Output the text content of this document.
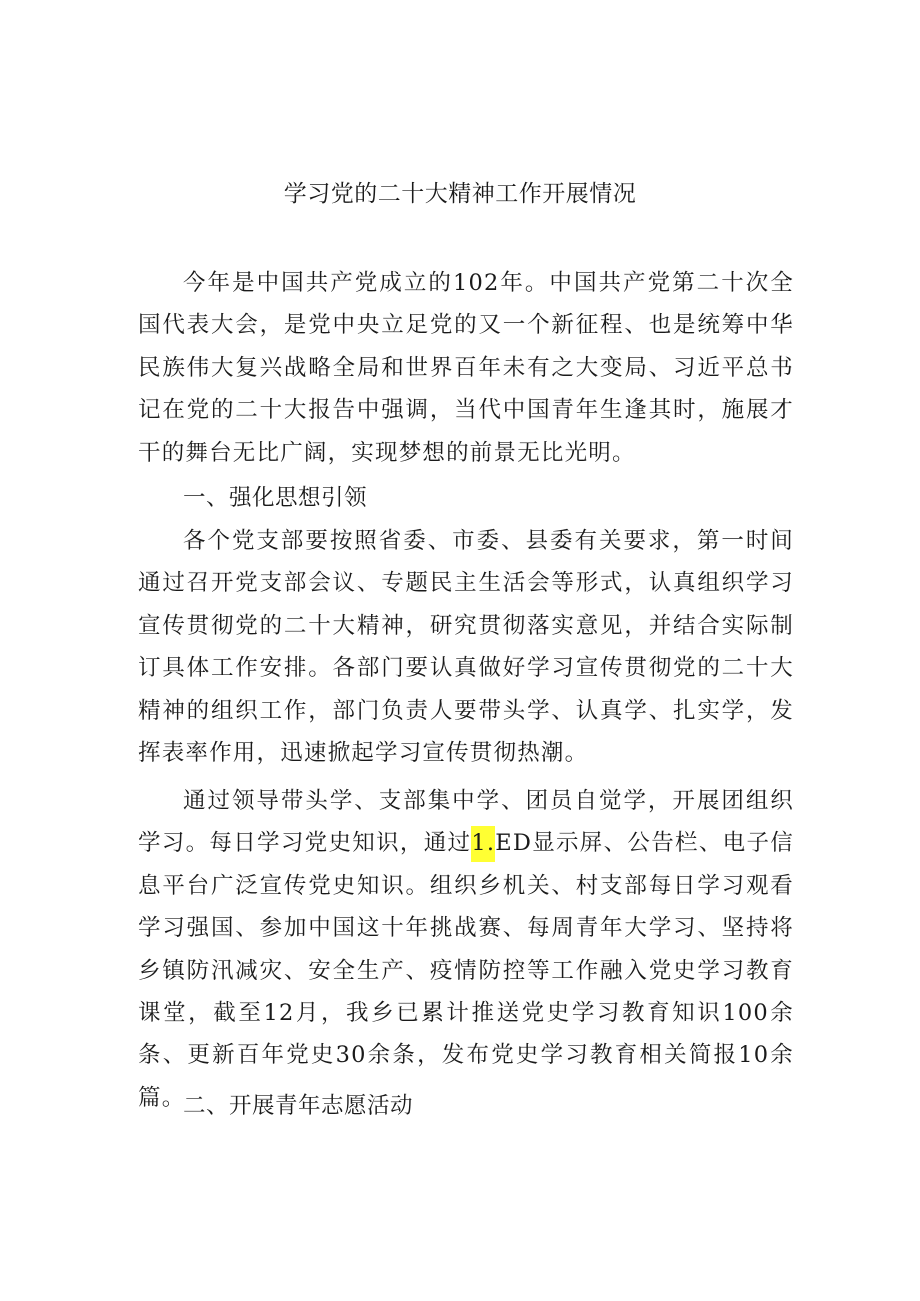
学习党的二十大精神工作开展情况

今年是中国共产党成立的102年。中国共产党第二十次全国代表大会，是党中央立足党的又一个新征程、也是统筹中华民族伟大复兴战略全局和世界百年未有之大变局、习近平总书记在党的二十大报告中强调，当代中国青年生逢其时，施展才干的舞台无比广阔，实现梦想的前景无比光明。

一、强化思想引领

各个党支部要按照省委、市委、县委有关要求，第一时间通过召开党支部会议、专题民主生活会等形式，认真组织学习宣传贯彻党的二十大精神，研究贯彻落实意见，并结合实际制订具体工作安排。各部门要认真做好学习宣传贯彻党的二十大精神的组织工作，部门负责人要带头学、认真学、扎实学，发挥表率作用，迅速掀起学习宣传贯彻热潮。

通过领导带头学、支部集中学、团员自觉学，开展团组织学习。每日学习党史知识，通过1.ED显示屏、公告栏、电子信息平台广泛宣传党史知识。组织乡机关、村支部每日学习观看学习强国、参加中国这十年挑战赛、每周青年大学习、坚持将乡镇防汛减灾、安全生产、疫情防控等工作融入党史学习教育课堂，截至12月，我乡已累计推送党史学习教育知识100余条、更新百年党史30余条，发布党史学习教育相关简报10余篇。

二、开展青年志愿活动
